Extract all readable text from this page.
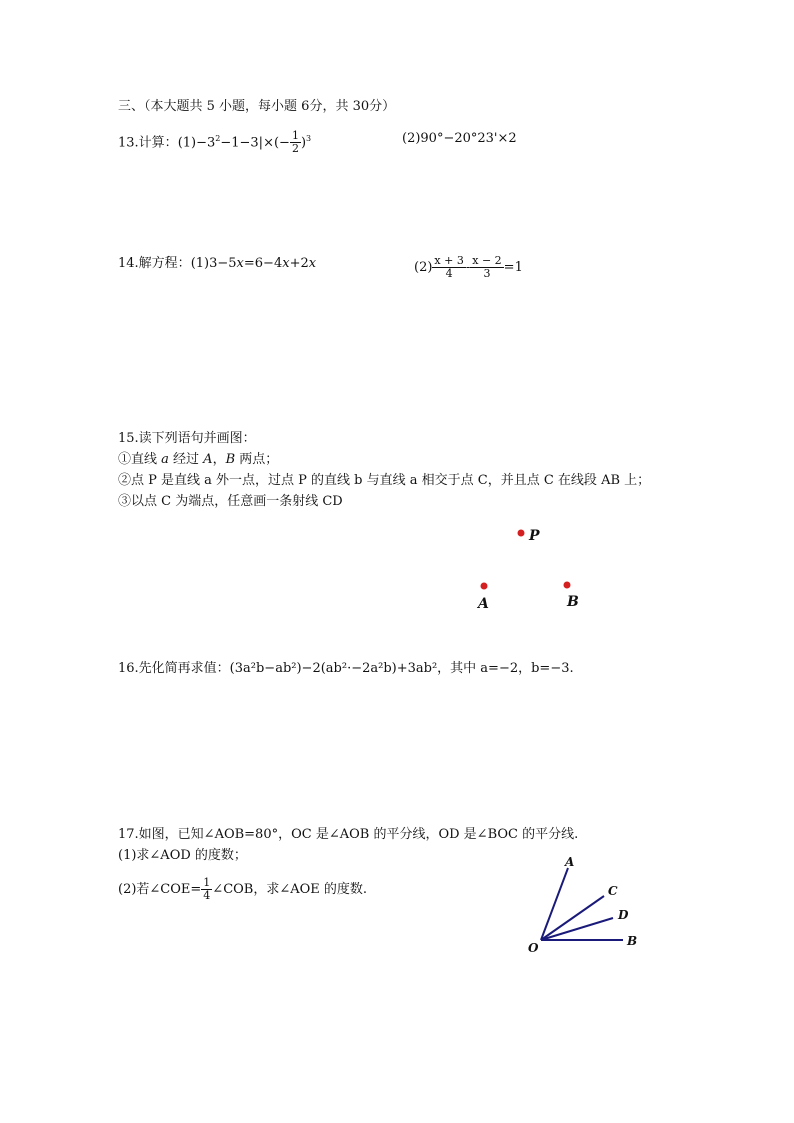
三、（本大题共 5 小题，每小题 6分，共 30分）
13.计算：$(1)-3^2-1-3|\times(- \frac{1}{2} )^3$	(2)90°−20°23'×2
14.解方程：(1)3−5x=6−4x+2x	$(2) \frac{x + 3}{4} - \frac{x - 2}{3} =1$
15.读下列语句并画图：
①直线 a 经过 A，B 两点；
②点 P 是直线 a 外一点，过点 P 的直线 b 与直线 a 相交于点 C，并且点 C 在线段 AB 上；
③以点 C 为端点，任意画一条射线 CD
P
A	B
O
A
C
D
B
16.先化简再求值：(3a²b−ab²)−2(ab²·−2a²b)+3ab²，其中 a=−2，b=−3.
17.如图，已知∠AOB=80°，OC 是∠AOB 的平分线，OD 是∠BOC 的平分线.
(1)求∠AOD 的度数；
(2)若∠COE= $\frac{1}{4}$ ∠COB，求∠AOE 的度数.
